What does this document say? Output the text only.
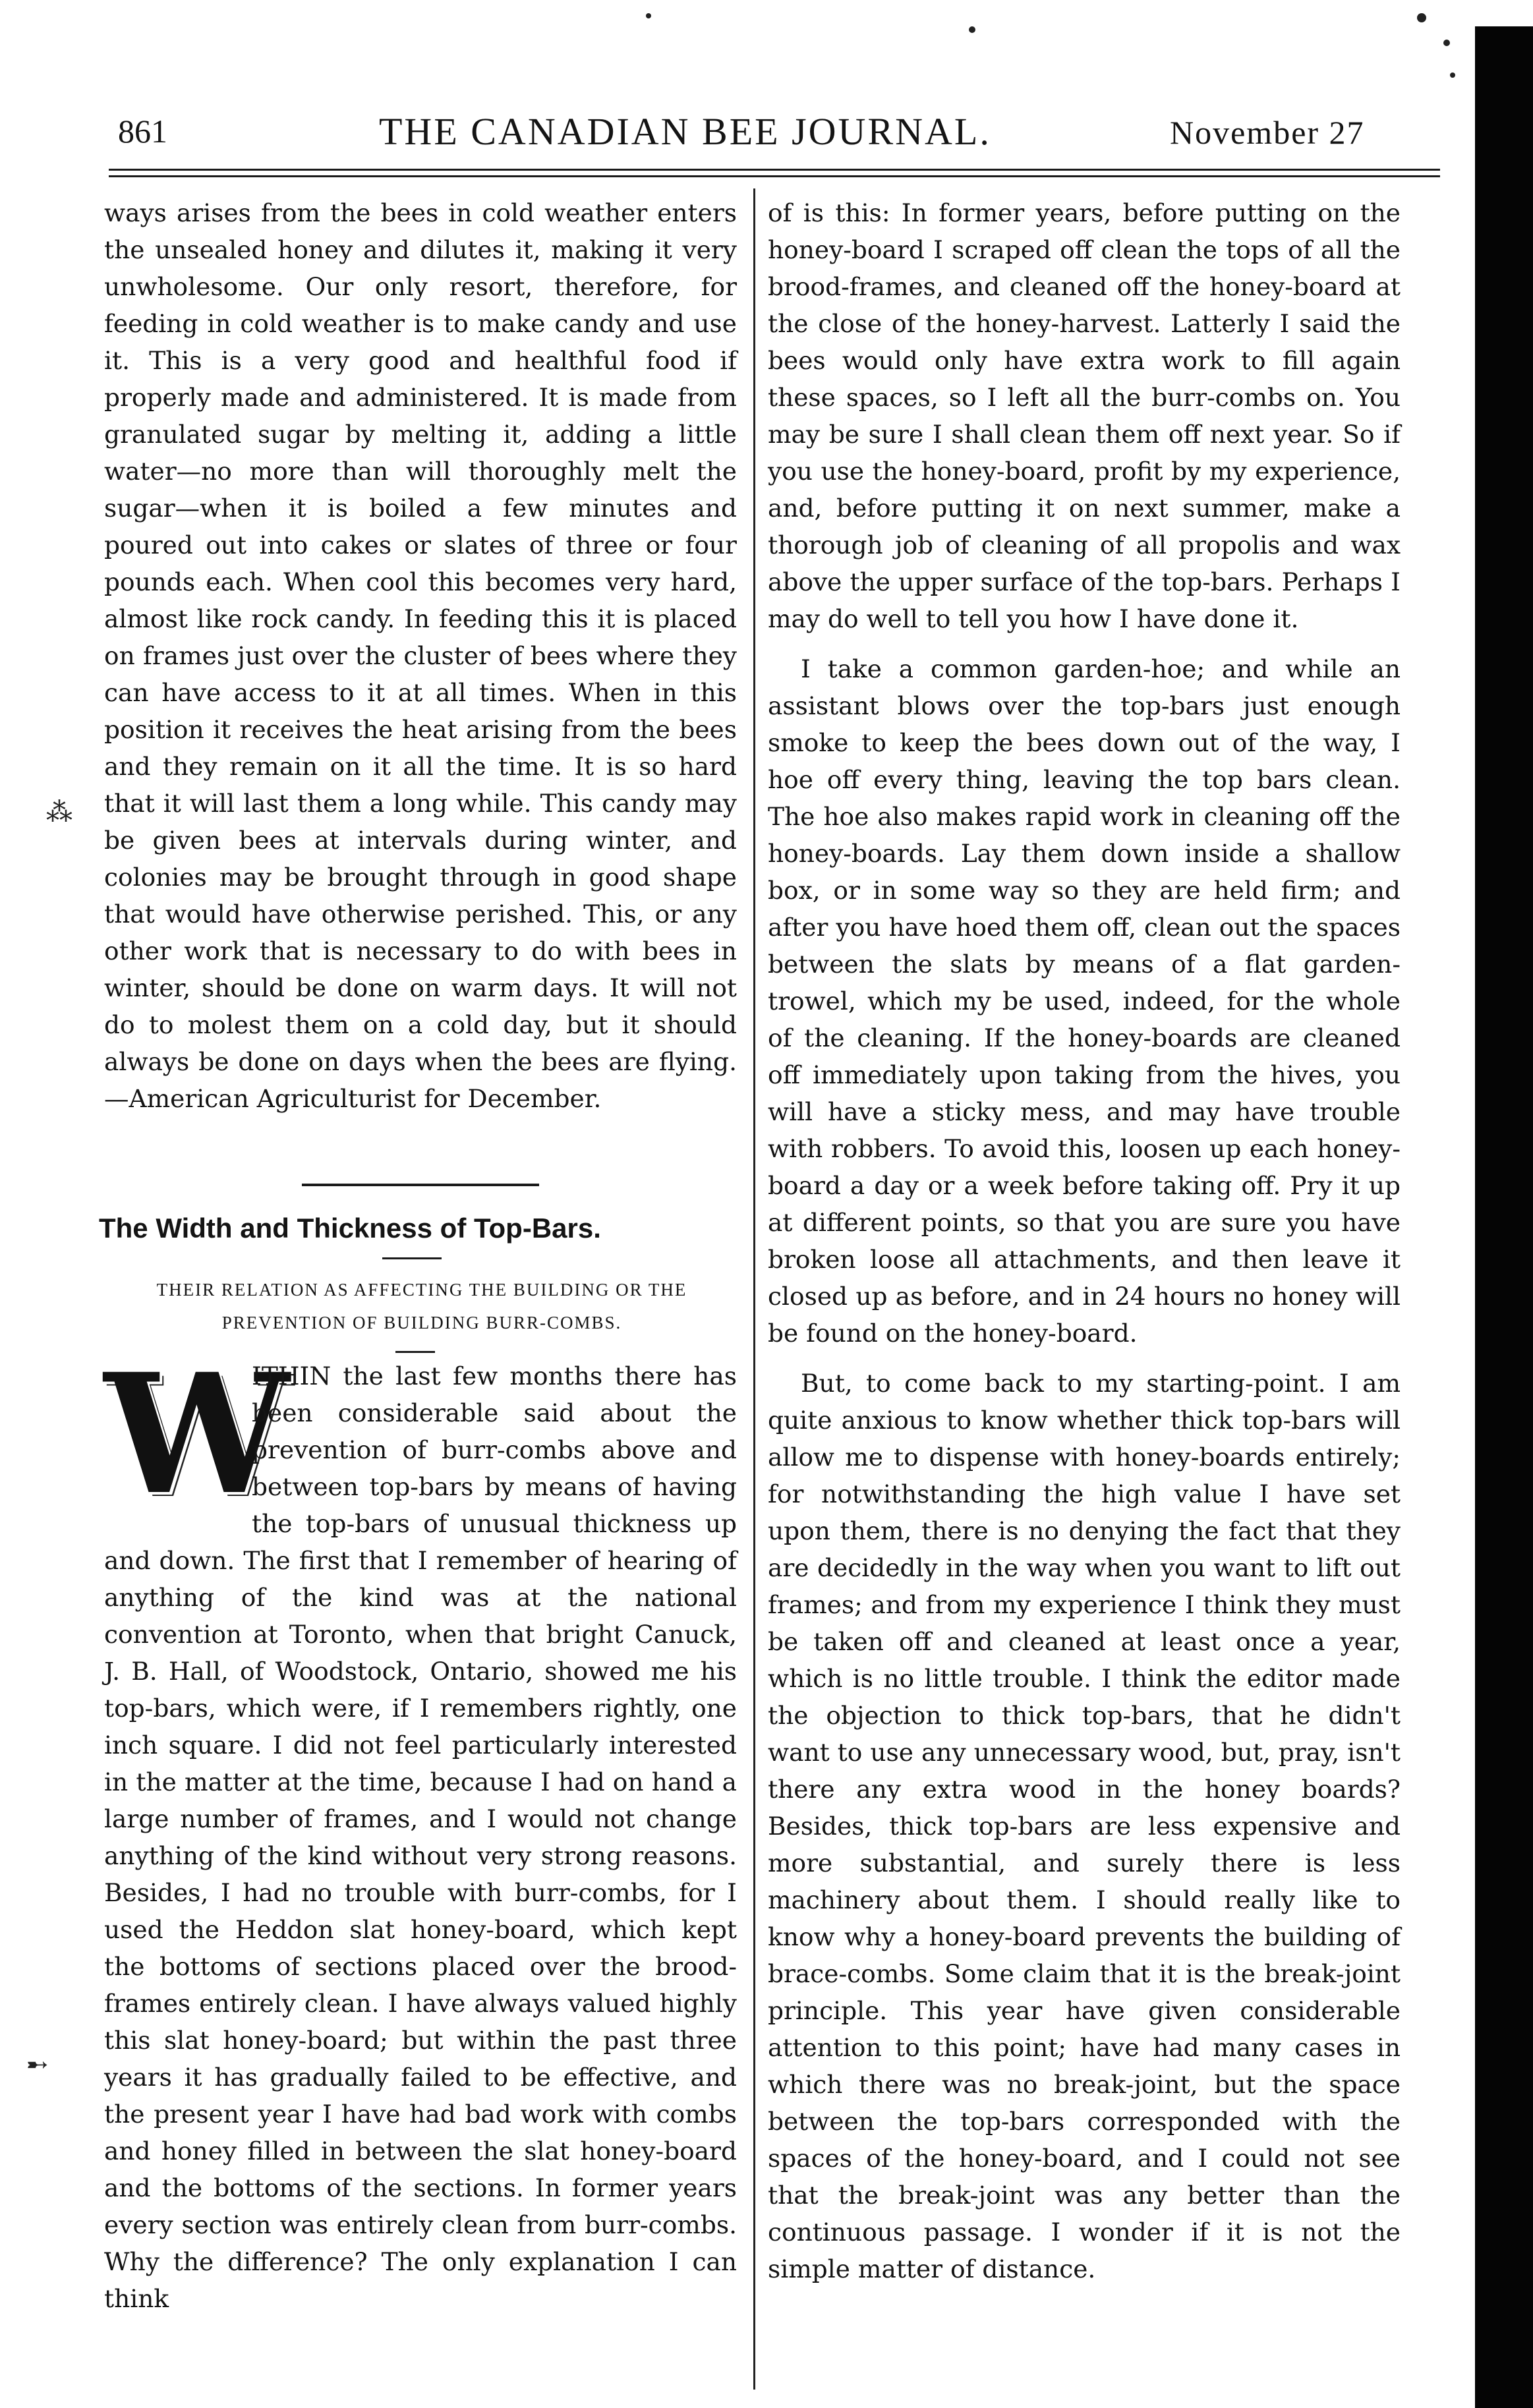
861	THE CANADIAN BEE JOURNAL.	November 27

ways arises from the bees in cold weather enters the unsealed honey and dilutes it, making it very unwholesome. Our only resort, therefore, for feeding in cold weather is to make candy and use it. This is a very good and healthful food if properly made and administered. It is made from granulated sugar by melting it, adding a little water—no more than will thoroughly melt the sugar—when it is boiled a few minutes and poured out into cakes or slates of three or four pounds each. When cool this becomes very hard, almost like rock candy. In feeding this it is placed on frames just over the cluster of bees where they can have access to it at all times. When in this position it receives the heat arising from the bees and they remain on it all the time. It is so hard that it will last them a long while. This candy may be given bees at intervals during winter, and colonies may be brought through in good shape that would have otherwise perished. This, or any other work that is necessary to do with bees in winter, should be done on warm days. It will not do to molest them on a cold day, but it should always be done on days when the bees are flying.—American Agriculturist for December.

The Width and Thickness of Top-Bars.
THEIR RELATION AS AFFECTING THE BUILDING OR THE PREVENTION OF BUILDING BURR-COMBS.
W

ITHIN the last few months there has been considerable said about the prevention of burr-combs above and between top-bars by means of having the top-bars of unusual thickness up and down. The first that I remember of hearing of anything of the kind was at the national convention at Toronto, when that bright Canuck, J. B. Hall, of Woodstock, Ontario, showed me his top-bars, which were, if I remembers rightly, one inch square. I did not feel particularly interested in the matter at the time, because I had on hand a large number of frames, and I would not change anything of the kind without very strong reasons. Besides, I had no trouble with burr-combs, for I used the Heddon slat honey-board, which kept the bottoms of sections placed over the brood-frames entirely clean. I have always valued highly this slat honey-board; but within the past three years it has gradually failed to be effective, and the present year I have had bad work with combs and honey filled in between the slat honey-board and the bottoms of the sections. In former years every section was entirely clean from burr-combs. Why the difference? The only explanation I can think

of is this: In former years, before putting on the honey-board I scraped off clean the tops of all the brood-frames, and cleaned off the honey-board at the close of the honey-harvest. Latterly I said the bees would only have extra work to fill again these spaces, so I left all the burr-combs on. You may be sure I shall clean them off next year. So if you use the honey-board, profit by my experience, and, before putting it on next summer, make a thorough job of cleaning of all propolis and wax above the upper surface of the top-bars. Perhaps I may do well to tell you how I have done it.

I take a common garden-hoe; and while an assistant blows over the top-bars just enough smoke to keep the bees down out of the way, I hoe off every thing, leaving the top bars clean. The hoe also makes rapid work in cleaning off the honey-boards. Lay them down inside a shallow box, or in some way so they are held firm; and after you have hoed them off, clean out the spaces between the slats by means of a flat garden-trowel, which my be used, indeed, for the whole of the cleaning. If the honey-boards are cleaned off immediately upon taking from the hives, you will have a sticky mess, and may have trouble with robbers. To avoid this, loosen up each honey-board a day or a week before taking off. Pry it up at different points, so that you are sure you have broken loose all attachments, and then leave it closed up as before, and in 24 hours no honey will be found on the honey-board.

But, to come back to my starting-point. I am quite anxious to know whether thick top-bars will allow me to dispense with honey-boards entirely; for notwithstanding the high value I have set upon them, there is no denying the fact that they are decidedly in the way when you want to lift out frames; and from my experience I think they must be taken off and cleaned at least once a year, which is no little trouble. I think the editor made the objection to thick top-bars, that he didn't want to use any unnecessary wood, but, pray, isn't there any extra wood in the honey boards? Besides, thick top-bars are less expensive and more substantial, and surely there is less machinery about them. I should really like to know why a honey-board prevents the building of brace-combs. Some claim that it is the break-joint principle. This year have given considerable attention to this point; have had many cases in which there was no break-joint, but the space between the top-bars corresponded with the spaces of the honey-board, and I could not see that the break-joint was any better than the continuous passage. I wonder if it is not the simple matter of distance.

⁂
➸
